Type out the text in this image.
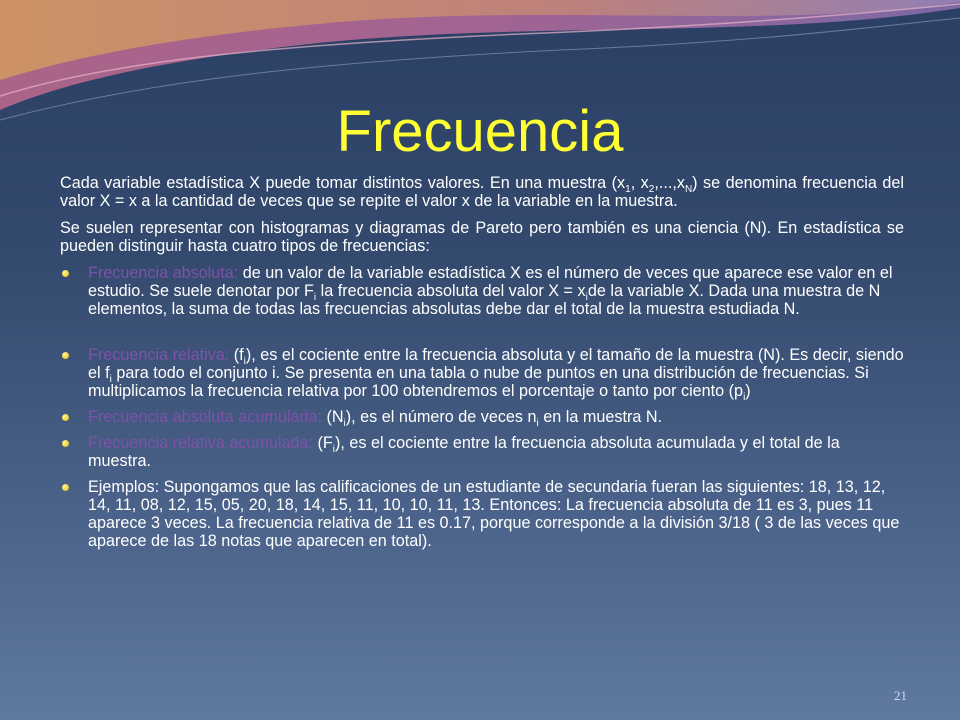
Frecuencia

Cada variable estadística X puede tomar distintos valores. En una muestra ($x_1$, $x_2,...,x_N$) se denomina frecuencia del valor X = x a la cantidad de veces que se repite el valor x de la variable en la muestra.

Se suelen representar con histogramas y diagramas de Pareto pero también es una ciencia (N). En estadística se pueden distinguir hasta cuatro tipos de frecuencias:

Frecuencia absoluta: de un valor de la variable estadística X es el número de veces que aparece ese valor en el estudio. Se suele denotar por $F_i$ la frecuencia absoluta del valor $X = x_ide$ la variable X. Dada una muestra de N elementos, la suma de todas las frecuencias absolutas debe dar el total de la muestra estudiada N.
Frecuencia relativa: $(f_i)$, es el cociente entre la frecuencia absoluta y el tamaño de la muestra (N). Es decir, siendo el $f_i$ para todo el conjunto i. Se presenta en una tabla o nube de puntos en una distribución de frecuencias. Si multiplicamos la frecuencia relativa por 100 obtendremos el porcentaje o tanto por ciento $(p_i)$
Frecuencia absoluta acumulada: $(N_i)$, es el número de veces $n_i$ en la muestra N.
Frecuencia relativa acumulada: $(F_i)$, es el cociente entre la frecuencia absoluta acumulada y el total de la muestra.
Ejemplos: Supongamos que las calificaciones de un estudiante de secundaria fueran las siguientes: 18, 13, 12, 14, 11, 08, 12, 15, 05, 20, 18, 14, 15, 11, 10, 10, 11, 13. Entonces: La frecuencia absoluta de 11 es 3, pues 11 aparece 3 veces. La frecuencia relativa de 11 es 0.17, porque corresponde a la división 3/18 ( 3 de las veces que aparece de las 18 notas que aparecen en total).
21
